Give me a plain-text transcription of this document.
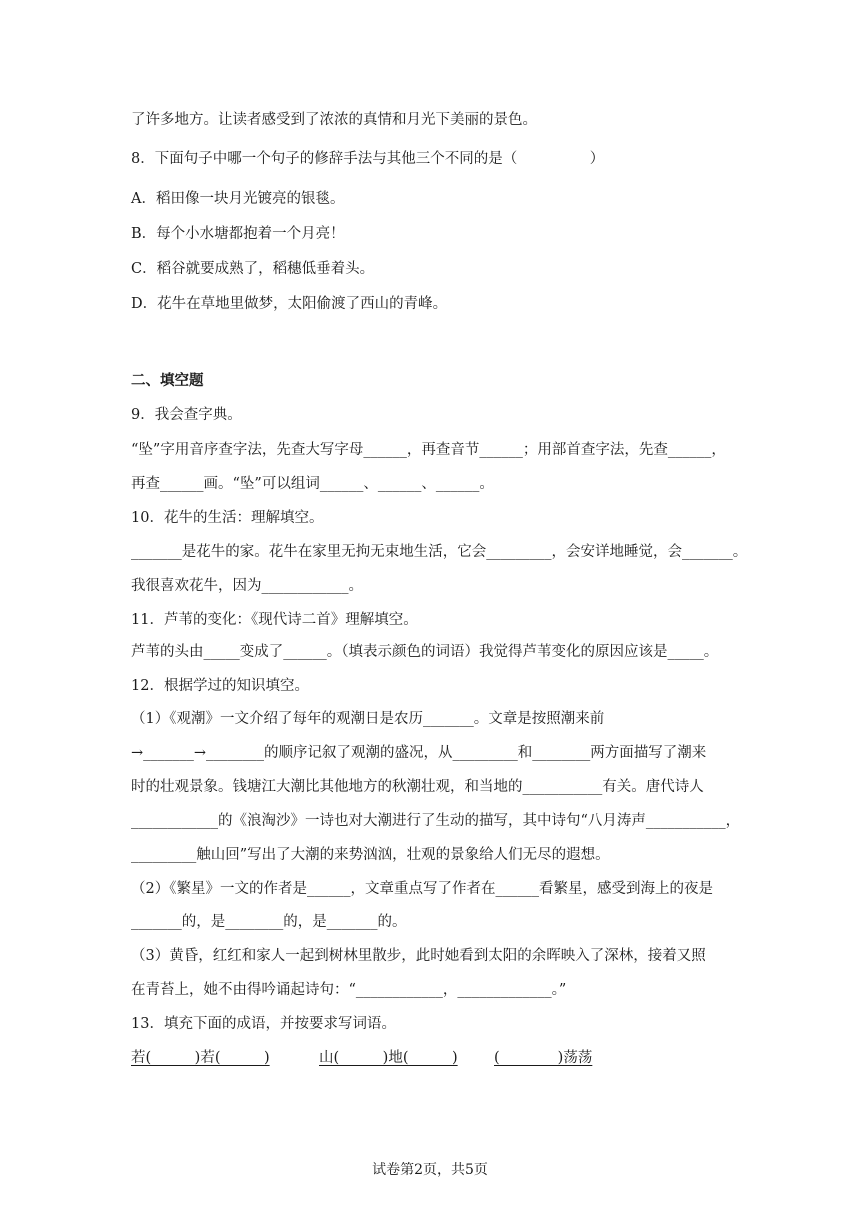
了许多地方。让读者感受到了浓浓的真情和月光下美丽的景色。
8．下面句子中哪一个句子的修辞手法与其他三个不同的是（　　　　　）
A．稻田像一块月光镀亮的银毯。
B．每个小水塘都抱着一个月亮！
C．稻谷就要成熟了，稻穗低垂着头。
D．花牛在草地里做梦，太阳偷渡了西山的青峰。
二、填空题
9．我会查字典。
“坠”字用音序查字法，先查大写字母______，再查音节______；用部首查字法，先查______，
再查______画。“坠”可以组词______、______、______。
10．花牛的生活：理解填空。
_______是花牛的家。花牛在家里无拘无束地生活，它会_________，会安详地睡觉，会_______。
我很喜欢花牛，因为____________。
11．芦苇的变化：《现代诗二首》理解填空。
芦苇的头由_____变成了______。（填表示颜色的词语）我觉得芦苇变化的原因应该是_____。
12．根据学过的知识填空。
（1）《观潮》一文介绍了每年的观潮日是农历_______。文章是按照潮来前
→_______→________的顺序记叙了观潮的盛况，从_________和________两方面描写了潮来
时的壮观景象。钱塘江大潮比其他地方的秋潮壮观，和当地的___________有关。唐代诗人
____________的《浪淘沙》一诗也对大潮进行了生动的描写，其中诗句“八月涛声___________，
_________触山回”写出了大潮的来势汹汹，壮观的景象给人们无尽的遐想。
（2）《繁星》一文的作者是______，文章重点写了作者在______看繁星，感受到海上的夜是
_______的，是________的，是_______的。
（3）黄昏，红红和家人一起到树林里散步，此时她看到太阳的余晖映入了深林，接着又照
在青苔上，她不由得吟诵起诗句：“____________，_____________。”
13．填充下面的成语，并按要求写词语。
若(　　　)若(　　　)	山(　　　)地(　　　)	(　　　　)荡荡
试卷第2页，共5页
